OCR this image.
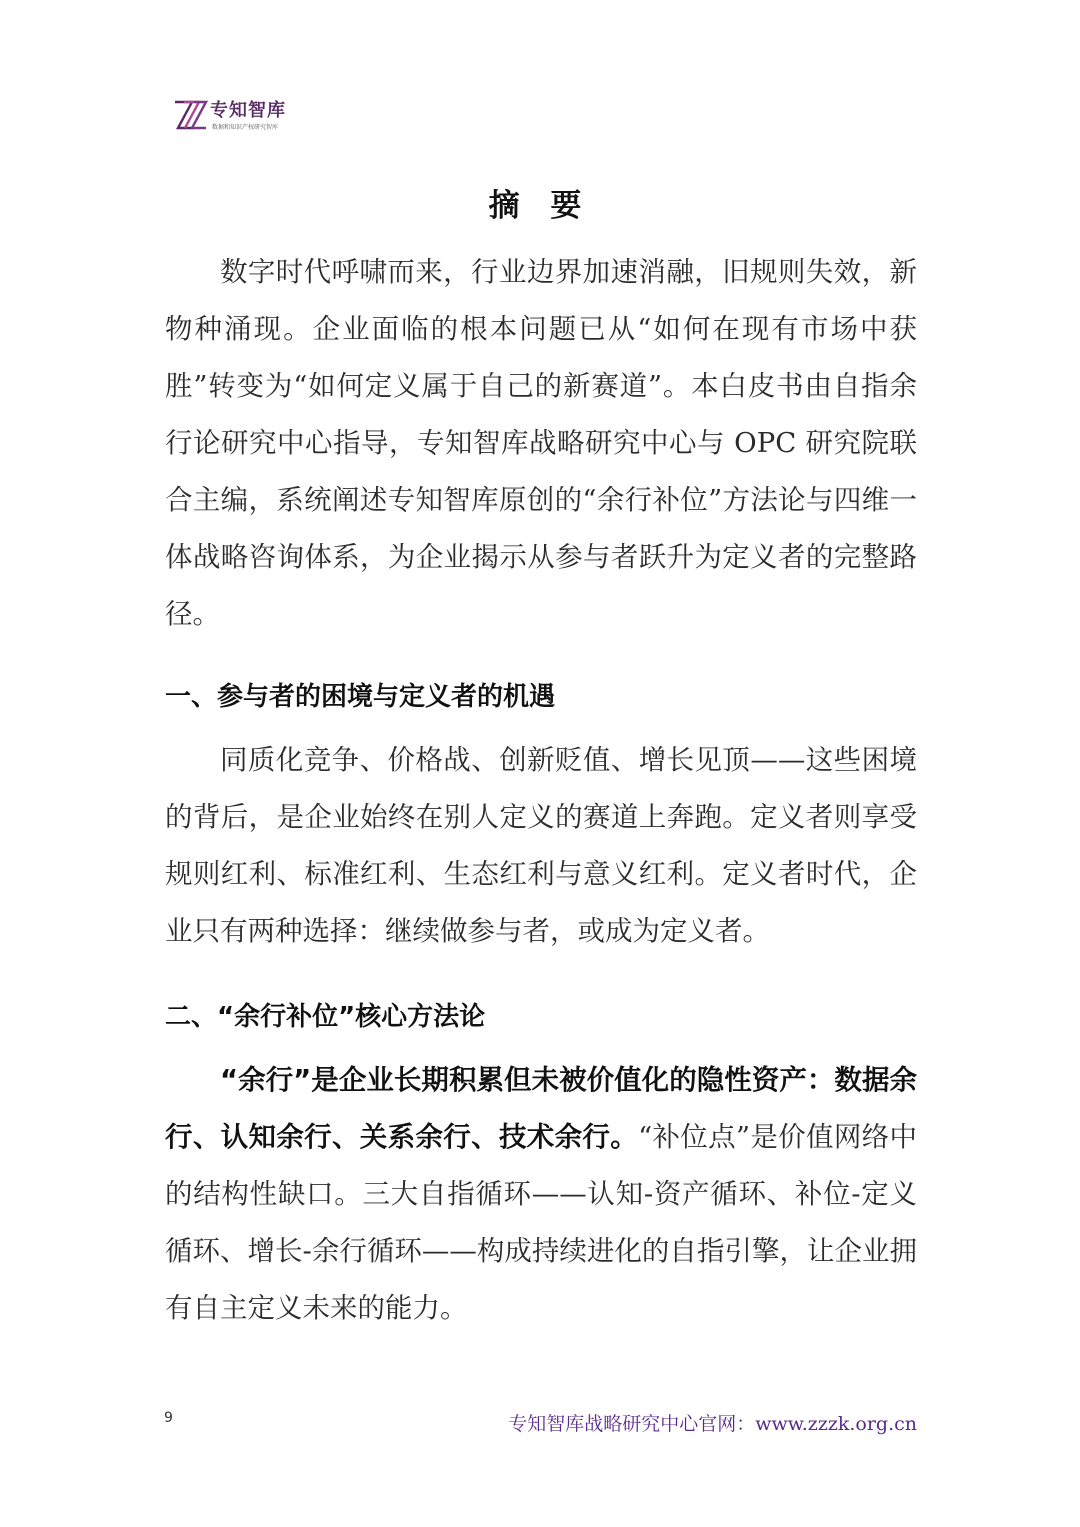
专知智库
数据和知识产权研究智库
摘 要

数字时代呼啸而来，行业边界加速消融，旧规则失效，新物种涌现。企业面临的根本问题已从“如何在现有市场中获胜”转变为“如何定义属于自己的新赛道”。本白皮书由自指余行论研究中心指导，专知智库战略研究中心与 OPC 研究院联合主编，系统阐述专知智库原创的“余行补位”方法论与四维一体战略咨询体系，为企业揭示从参与者跃升为定义者的完整路径。

一、参与者的困境与定义者的机遇

同质化竞争、价格战、创新贬值、增长见顶——这些困境的背后，是企业始终在别人定义的赛道上奔跑。定义者则享受规则红利、标准红利、生态红利与意义红利。定义者时代，企业只有两种选择：继续做参与者，或成为定义者。

二、“余行补位”核心方法论

“余行”是企业长期积累但未被价值化的隐性资产：数据余行、认知余行、关系余行、技术余行。“补位点”是价值网络中的结构性缺口。三大自指循环——认知-资产循环、补位-定义循环、增长-余行循环——构成持续进化的自指引擎，让企业拥有自主定义未来的能力。

9	专知智库战略研究中心官网：www.zzzk.org.cn
